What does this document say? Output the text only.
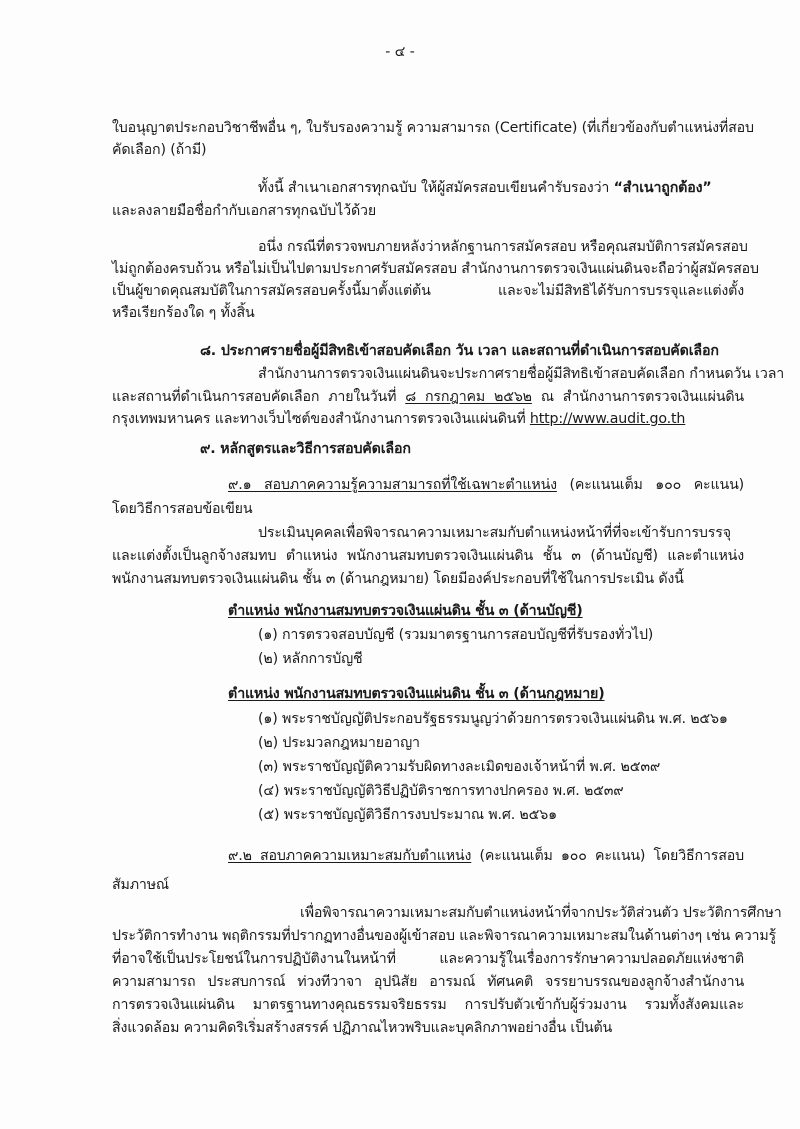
- ๔ -
ใบอนุญาตประกอบวิชาชีพอื่น ๆ, ใบรับรองความรู้ ความสามารถ (Certificate) (ที่เกี่ยวข้องกับตำแหน่งที่สอบ
คัดเลือก) (ถ้ามี)
ทั้งนี้ สำเนาเอกสารทุกฉบับ ให้ผู้สมัครสอบเขียนคำรับรองว่า “สำเนาถูกต้อง”
และลงลายมือชื่อกำกับเอกสารทุกฉบับไว้ด้วย
อนึ่ง กรณีที่ตรวจพบภายหลังว่าหลักฐานการสมัครสอบ หรือคุณสมบัติการสมัครสอบ
ไม่ถูกต้องครบถ้วน หรือไม่เป็นไปตามประกาศรับสมัครสอบ สำนักงานการตรวจเงินแผ่นดินจะถือว่าผู้สมัครสอบ
เป็นผู้ขาดคุณสมบัติในการสมัครสอบครั้งนี้มาตั้งแต่ต้น และจะไม่มีสิทธิได้รับการบรรจุและแต่งตั้ง
หรือเรียกร้องใด ๆ ทั้งสิ้น
๘. ประกาศรายชื่อผู้มีสิทธิเข้าสอบคัดเลือก วัน เวลา และสถานที่ดำเนินการสอบคัดเลือก
สำนักงานการตรวจเงินแผ่นดินจะประกาศรายชื่อผู้มีสิทธิเข้าสอบคัดเลือก กำหนดวัน เวลา
และสถานที่ดำเนินการสอบคัดเลือก ภายในวันที่ ๘ กรกฎาคม ๒๕๖๒ ณ สำนักงานการตรวจเงินแผ่นดิน
กรุงเทพมหานคร และทางเว็บไซต์ของสำนักงานการตรวจเงินแผ่นดินที่ http://www.audit.go.th
๙. หลักสูตรและวิธีการสอบคัดเลือก
๙.๑ สอบภาคความรู้ความสามารถที่ใช้เฉพาะตำแหน่ง (คะแนนเต็ม ๑๐๐ คะแนน)
โดยวิธีการสอบข้อเขียน
ประเมินบุคคลเพื่อพิจารณาความเหมาะสมกับตำแหน่งหน้าที่ที่จะเข้ารับการบรรจุ
และแต่งตั้งเป็นลูกจ้างสมทบ ตำแหน่ง พนักงานสมทบตรวจเงินแผ่นดิน ชั้น ๓ (ด้านบัญชี) และตำแหน่ง
พนักงานสมทบตรวจเงินแผ่นดิน ชั้น ๓ (ด้านกฎหมาย) โดยมีองค์ประกอบที่ใช้ในการประเมิน ดังนี้
ตำแหน่ง พนักงานสมทบตรวจเงินแผ่นดิน ชั้น ๓ (ด้านบัญชี)
(๑) การตรวจสอบบัญชี (รวมมาตรฐานการสอบบัญชีที่รับรองทั่วไป)
(๒) หลักการบัญชี
ตำแหน่ง พนักงานสมทบตรวจเงินแผ่นดิน ชั้น ๓ (ด้านกฎหมาย)
(๑) พระราชบัญญัติประกอบรัฐธรรมนูญว่าด้วยการตรวจเงินแผ่นดิน พ.ศ. ๒๕๖๑
(๒) ประมวลกฎหมายอาญา
(๓) พระราชบัญญัติความรับผิดทางละเมิดของเจ้าหน้าที่ พ.ศ. ๒๕๓๙
(๔) พระราชบัญญัติวิธีปฏิบัติราชการทางปกครอง พ.ศ. ๒๕๓๙
(๕) พระราชบัญญัติวิธีการงบประมาณ พ.ศ. ๒๕๖๑
๙.๒ สอบภาคความเหมาะสมกับตำแหน่ง (คะแนนเต็ม ๑๐๐ คะแนน) โดยวิธีการสอบ
สัมภาษณ์
เพื่อพิจารณาความเหมาะสมกับตำแหน่งหน้าที่จากประวัติส่วนตัว ประวัติการศึกษา
ประวัติการทำงาน พฤติกรรมที่ปรากฏทางอื่นของผู้เข้าสอบ และพิจารณาความเหมาะสมในด้านต่างๆ เช่น ความรู้
ที่อาจใช้เป็นประโยชน์ในการปฏิบัติงานในหน้าที่ และความรู้ในเรื่องการรักษาความปลอดภัยแห่งชาติ
ความสามารถ ประสบการณ์ ท่วงทีวาจา อุปนิสัย อารมณ์ ทัศนคติ จรรยาบรรณของลูกจ้างสำนักงาน
การตรวจเงินแผ่นดิน มาตรฐานทางคุณธรรมจริยธรรม การปรับตัวเข้ากับผู้ร่วมงาน รวมทั้งสังคมและ
สิ่งแวดล้อม ความคิดริเริ่มสร้างสรรค์ ปฏิภาณไหวพริบและบุคลิกภาพอย่างอื่น เป็นต้น
